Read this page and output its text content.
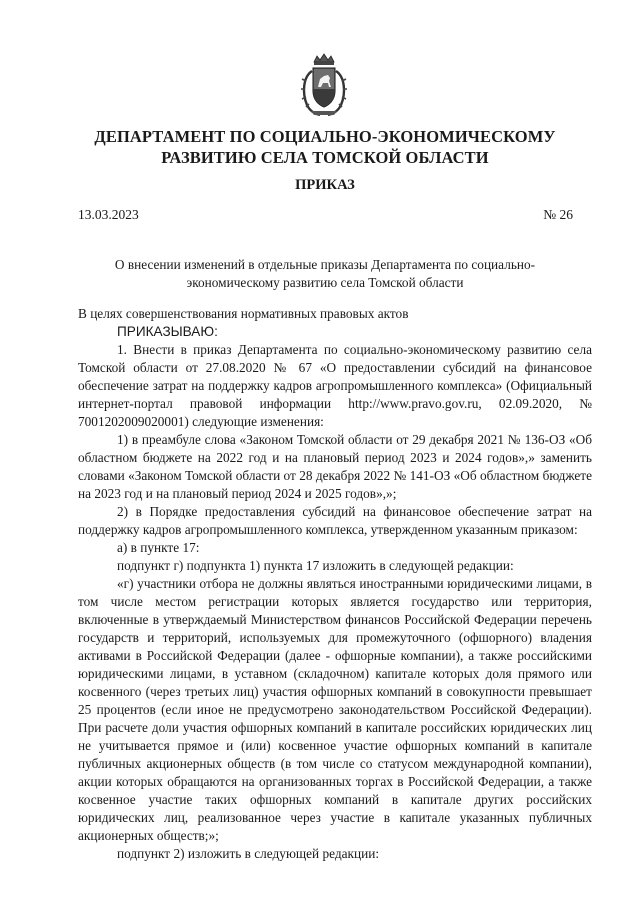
ДЕПАРТАМЕНТ ПО СОЦИАЛЬНО-ЭКОНОМИЧЕСКОМУ
РАЗВИТИЮ СЕЛА ТОМСКОЙ ОБЛАСТИ
ПРИКАЗ
13.03.2023	№ 26
О внесении изменений в отдельные приказы Департамента по социально-
экономическому развитию села Томской области

В целях совершенствования нормативных правовых актов

ПРИКАЗЫВАЮ:

1. Внести в приказ Департамента по социально-экономическому развитию села Томской области от 27.08.2020 № 67 «О предоставлении субсидий на финансовое обеспечение затрат на поддержку кадров агропромышленного комплекса» (Официальный интернет-портал правовой информации http://www.pravo.gov.ru, 02.09.2020, № 7001202009020001) следующие изменения:

1) в преамбуле слова «Законом Томской области от 29 декабря 2021 № 136-ОЗ «Об областном бюджете на 2022 год и на плановый период 2023 и 2024 годов»,» заменить словами «Законом Томской области от 28 декабря 2022 № 141-ОЗ «Об областном бюджете на 2023 год и на плановый период 2024 и 2025 годов»,»;

2) в Порядке предоставления субсидий на финансовое обеспечение затрат на поддержку кадров агропромышленного комплекса, утвержденном указанным приказом:

а) в пункте 17:

подпункт г) подпункта 1) пункта 17 изложить в следующей редакции:

«г) участники отбора не должны являться иностранными юридическими лицами, в том числе местом регистрации которых является государство или территория, включенные в утверждаемый Министерством финансов Российской Федерации перечень государств и территорий, используемых для промежуточного (офшорного) владения активами в Российской Федерации (далее - офшорные компании), а также российскими юридическими лицами, в уставном (складочном) капитале которых доля прямого или косвенного (через третьих лиц) участия офшорных компаний в совокупности превышает 25 процентов (если иное не предусмотрено законодательством Российской Федерации). При расчете доли участия офшорных компаний в капитале российских юридических лиц не учитывается прямое и (или) косвенное участие офшорных компаний в капитале публичных акционерных обществ (в том числе со статусом международной компании), акции которых обращаются на организованных торгах в Российской Федерации, а также косвенное участие таких офшорных компаний в капитале других российских юридических лиц, реализованное через участие в капитале указанных публичных акционерных обществ;»;

подпункт 2) изложить в следующей редакции:
